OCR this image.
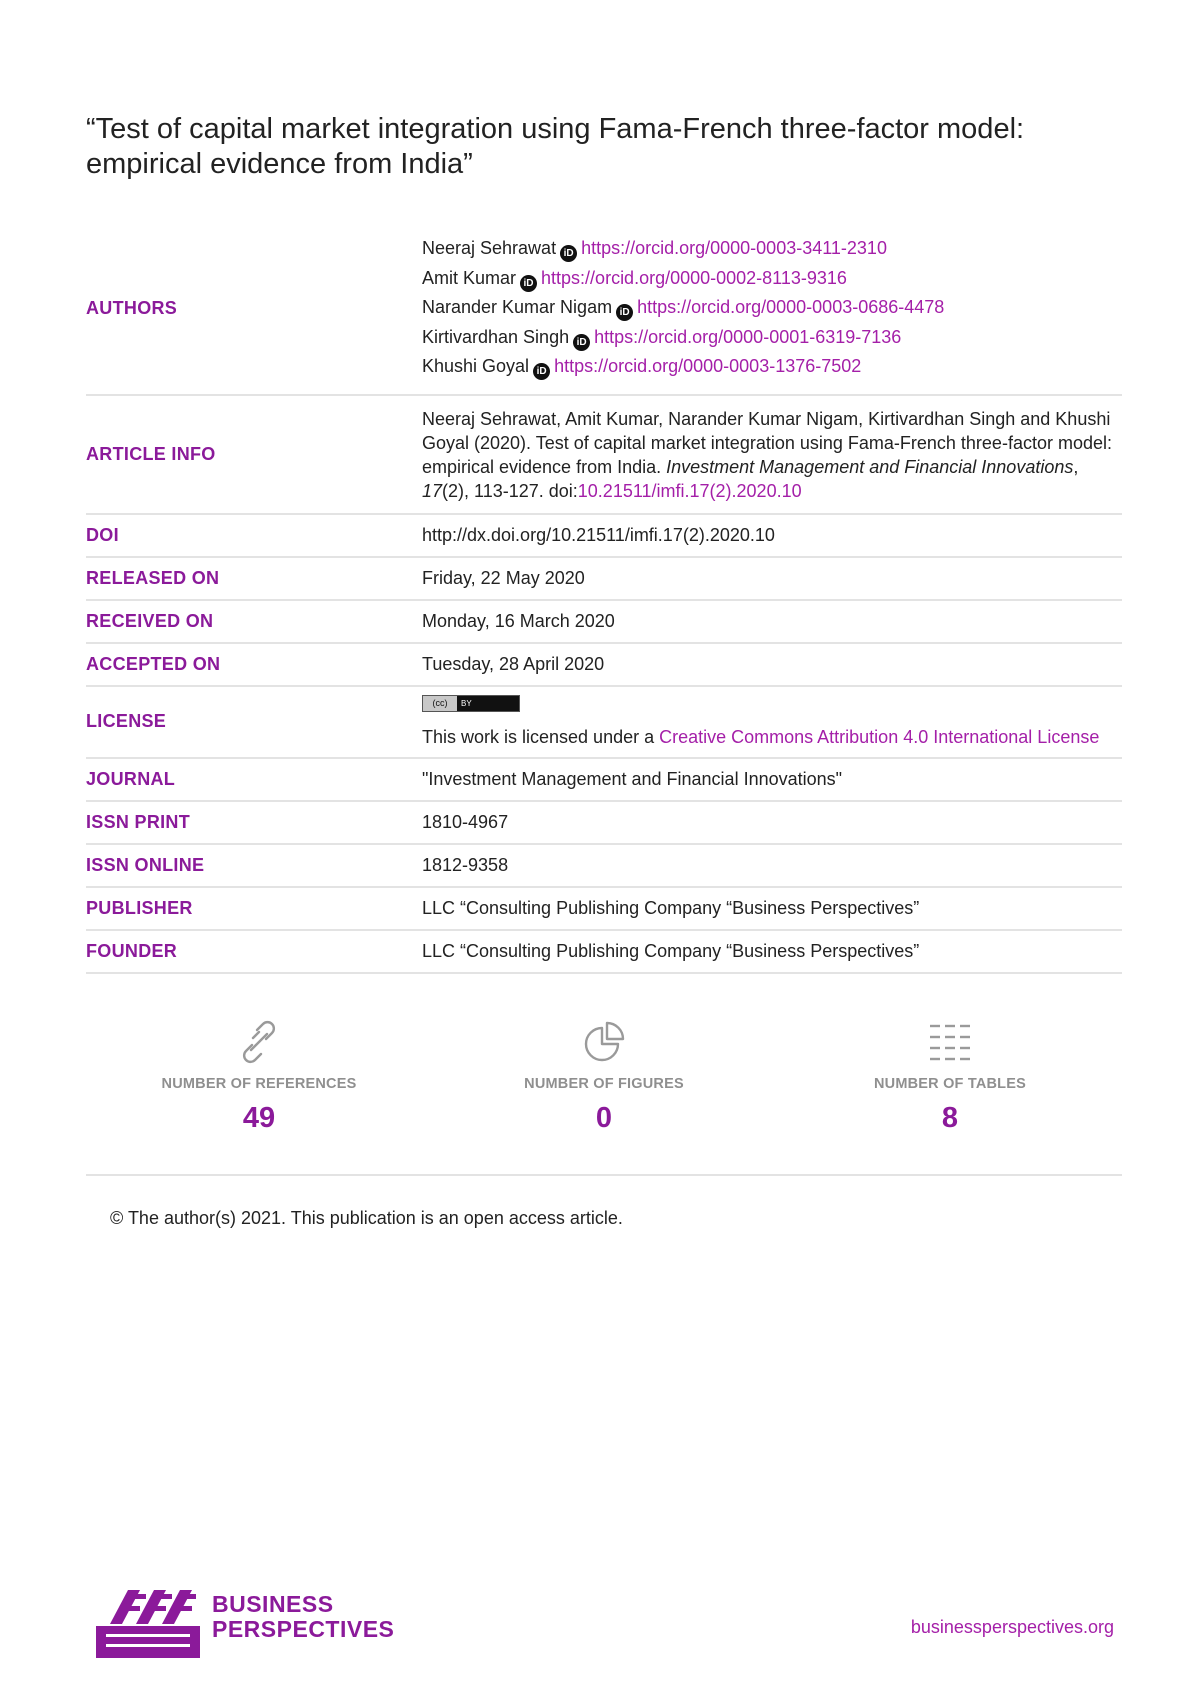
“Test of capital market integration using Fama-French three-factor model: empirical evidence from India”
AUTHORS	Neeraj Sehrawat iD https://orcid.org/0000-0003-3411-2310
Amit Kumar iD https://orcid.org/0000-0002-8113-9316
Narander Kumar Nigam iD https://orcid.org/0000-0003-0686-4478
Kirtivardhan Singh iD https://orcid.org/0000-0001-6319-7136
Khushi Goyal iD https://orcid.org/0000-0003-1376-7502

ARTICLE INFO	Neeraj Sehrawat, Amit Kumar, Narander Kumar Nigam, Kirtivardhan Singh and Khushi Goyal (2020). Test of capital market integration using Fama-French three-factor model: empirical evidence from India. Investment Management and Financial Innovations, 17(2), 113-127. doi:10.21511/imfi.17(2).2020.10
DOI	http://dx.doi.org/10.21511/imfi.17(2).2020.10
RELEASED ON	Friday, 22 May 2020
RECEIVED ON	Monday, 16 March 2020
ACCEPTED ON	Tuesday, 28 April 2020
LICENSE	(cc) BY
This work is licensed under a Creative Commons Attribution 4.0 International License
JOURNAL	"Investment Management and Financial Innovations"
ISSN PRINT	1810-4967
ISSN ONLINE	1812-9358
PUBLISHER	LLC “Consulting Publishing Company “Business Perspectives”
FOUNDER	LLC “Consulting Publishing Company “Business Perspectives”
NUMBER OF REFERENCES
49
NUMBER OF FIGURES
0
NUMBER OF TABLES
8
© The author(s) 2021. This publication is an open access article.
BUSINESS
PERSPECTIVES	businessperspectives.org
